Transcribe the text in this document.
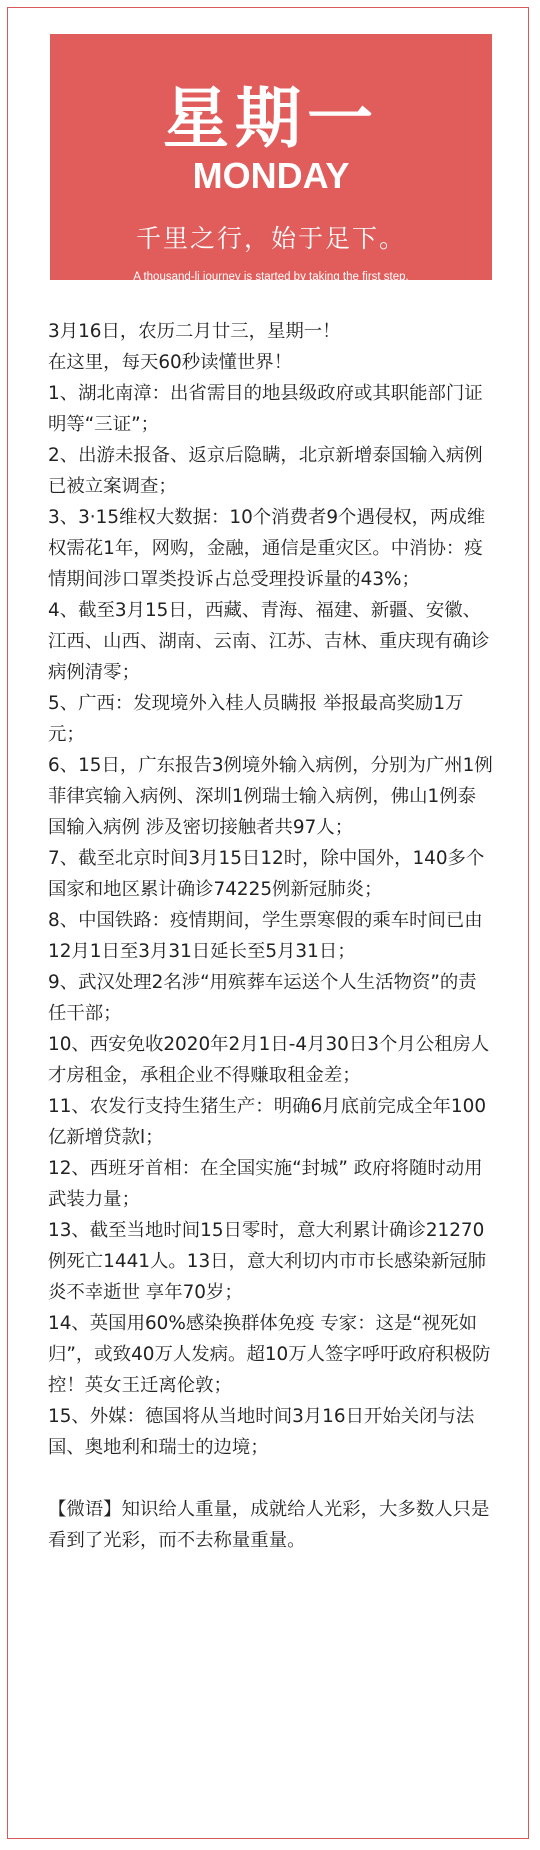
星期一
MONDAY
千里之行，始于足下。
A thousand-li journey is started by taking the first step.

3月16日，农历二月廿三，星期一！

在这里，每天60秒读懂世界！

1、湖北南漳：出省需目的地县级政府或其职能部门证明等“三证”；

2、出游未报备、返京后隐瞒，北京新增泰国输入病例已被立案调查；

3、3·15维权大数据：10个消费者9个遇侵权，两成维权需花1年，网购，金融，通信是重灾区。中消协：疫情期间涉口罩类投诉占总受理投诉量的43%；

4、截至3月15日，西藏、青海、福建、新疆、安徽、江西、山西、湖南、云南、江苏、吉林、重庆现有确诊病例清零；

5、广西：发现境外入桂人员瞒报 举报最高奖励1万元；

6、15日，广东报告3例境外输入病例，分别为广州1例菲律宾输入病例、深圳1例瑞士输入病例，佛山1例泰国输入病例 涉及密切接触者共97人；

7、截至北京时间3月15日12时，除中国外，140多个国家和地区累计确诊74225例新冠肺炎；

8、中国铁路：疫情期间，学生票寒假的乘车时间已由12月1日至3月31日延长至5月31日；

9、武汉处理2名涉“用殡葬车运送个人生活物资”的责任干部；

10、西安免收2020年2月1日-4月30日3个月公租房人才房租金，承租企业不得赚取租金差；

11、农发行支持生猪生产：明确6月底前完成全年100亿新增贷款l；

12、西班牙首相：在全国实施“封城” 政府将随时动用武装力量；

13、截至当地时间15日零时，意大利累计确诊21270例死亡1441人。13日，意大利切内市市长感染新冠肺炎不幸逝世 享年70岁；

14、英国用60%感染换群体免疫 专家：这是“视死如归”，或致40万人发病。超10万人签字呼吁政府积极防控！英女王迁离伦敦；

15、外媒：德国将从当地时间3月16日开始关闭与法国、奥地利和瑞士的边境；

【微语】知识给人重量，成就给人光彩，大多数人只是看到了光彩，而不去称量重量。
